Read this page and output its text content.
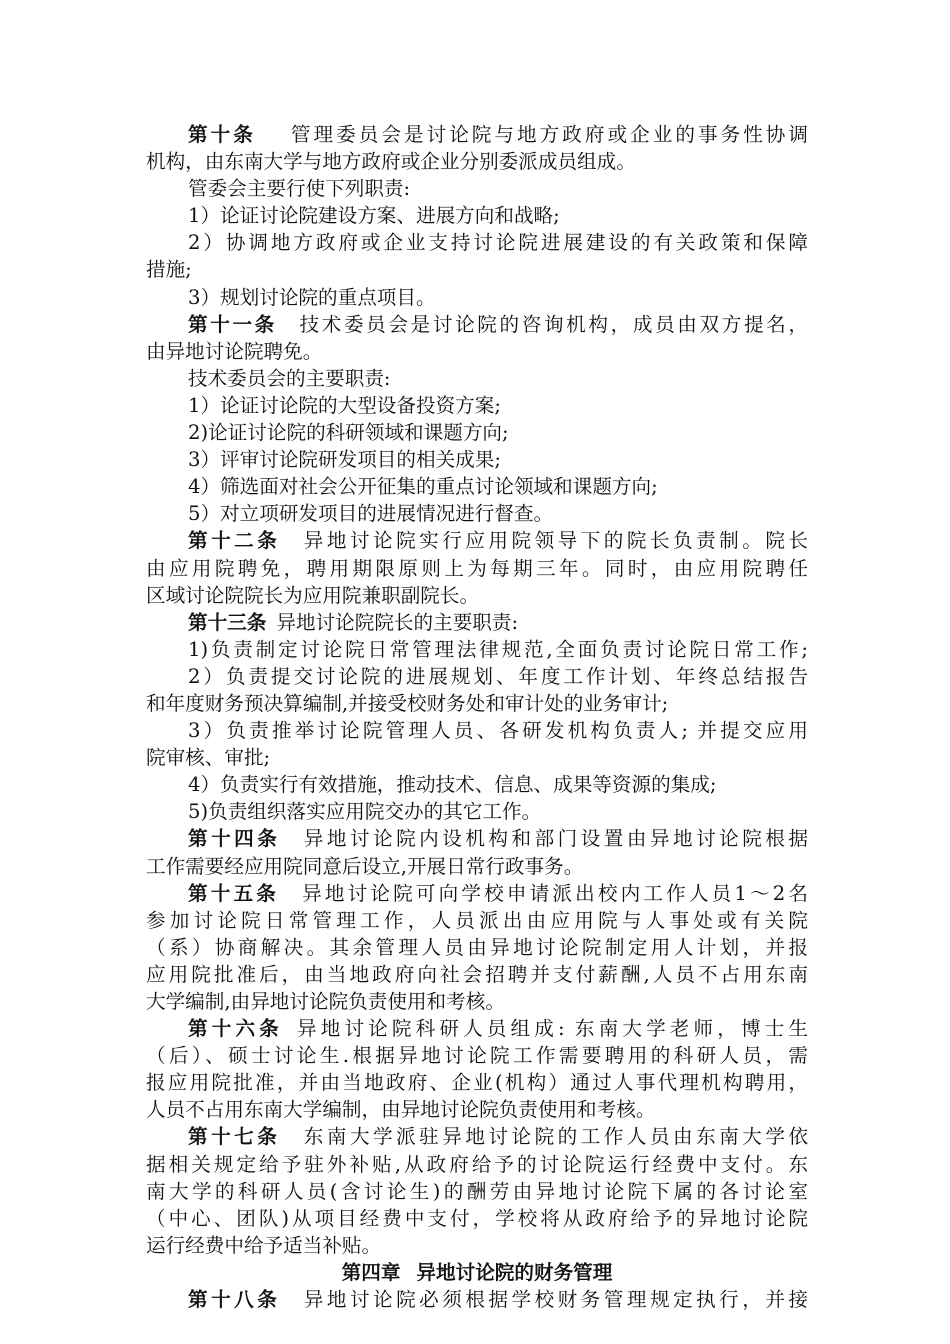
第十条 管理委员会是讨论院与地方政府或企业的事务性协调
机构，由东南大学与地方政府或企业分别委派成员组成。
管委会主要行使下列职责:
1）论证讨论院建设方案、进展方向和战略;
2）协调地方政府或企业支持讨论院进展建设的有关政策和保障
措施;
3）规划讨论院的重点项目。
第十一条 技术委员会是讨论院的咨询机构，成员由双方提名，
由异地讨论院聘免。
技术委员会的主要职责:
1）论证讨论院的大型设备投资方案;
2)论证讨论院的科研领域和课题方向;
3）评审讨论院研发项目的相关成果;
4）筛选面对社会公开征集的重点讨论领域和课题方向;
5）对立项研发项目的进展情况进行督查。
第十二条 异地讨论院实行应用院领导下的院长负责制。院长
由应用院聘免，聘用期限原则上为每期三年。同时，由应用院聘任
区域讨论院院长为应用院兼职副院长。
第十三条 异地讨论院院长的主要职责:
1)负责制定讨论院日常管理法律规范,全面负责讨论院日常工作;
2）负责提交讨论院的进展规划、年度工作计划、年终总结报告
和年度财务预决算编制,并接受校财务处和审计处的业务审计;
3）负责推举讨论院管理人员、各研发机构负责人; 并提交应用
院审核、审批;
4）负责实行有效措施，推动技术、信息、成果等资源的集成;
5)负责组织落实应用院交办的其它工作。
第十四条 异地讨论院内设机构和部门设置由异地讨论院根据
工作需要经应用院同意后设立,开展日常行政事务。
第十五条 异地讨论院可向学校申请派出校内工作人员1～2名
参加讨论院日常管理工作，人员派出由应用院与人事处或有关院
（系）协商解决。其余管理人员由异地讨论院制定用人计划，并报
应用院批准后，由当地政府向社会招聘并支付薪酬,人员不占用东南
大学编制,由异地讨论院负责使用和考核。
第十六条 异地讨论院科研人员组成: 东南大学老师，博士生
（后）、硕士讨论生.根据异地讨论院工作需要聘用的科研人员，需
报应用院批准，并由当地政府、企业(机构）通过人事代理机构聘用，
人员不占用东南大学编制，由异地讨论院负责使用和考核。
第十七条 东南大学派驻异地讨论院的工作人员由东南大学依
据相关规定给予驻外补贴,从政府给予的讨论院运行经费中支付。东
南大学的科研人员(含讨论生)的酬劳由异地讨论院下属的各讨论室
（中心、团队)从项目经费中支付，学校将从政府给予的异地讨论院
运行经费中给予适当补贴。
第四章 异地讨论院的财务管理
第十八条 异地讨论院必须根据学校财务管理规定执行，并接
